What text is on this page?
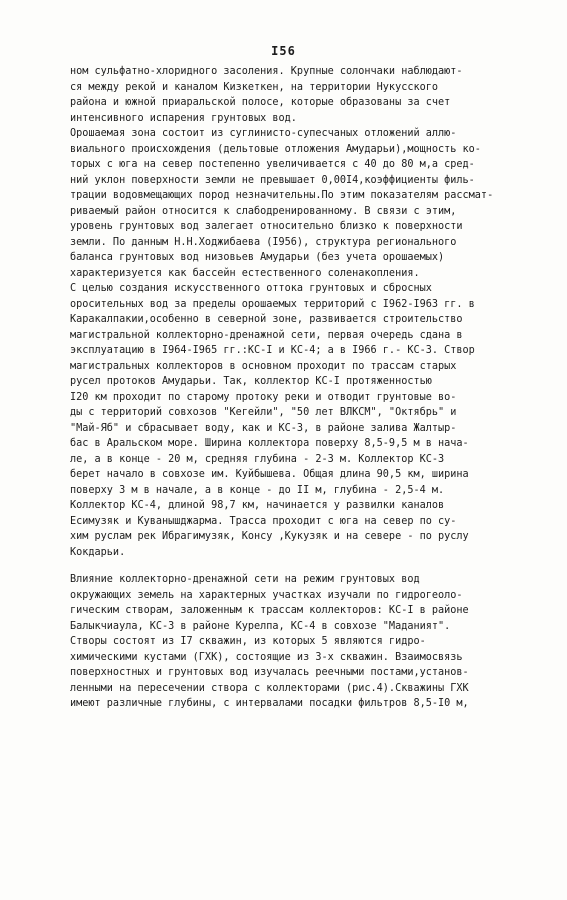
I56
ном сульфатно-хлоридного засоления. Крупные солончаки наблюдают-
ся между рекой и каналом Кизкеткен, на территории Нукусского
района и южной приаральской полосе, которые образованы за счет
интенсивного испарения грунтовых вод.
Орошаемая зона состоит из суглинисто-супесчаных отложений аллю-
виального происхождения (дельтовые отложения Амударьи),мощность ко-
торых с юга на север постепенно увеличивается с 40 до 80 м,а сред-
ний уклон поверхности земли не превышает 0,00I4,коэффициенты филь-
трации водовмещающих пород незначительны.По этим показателям рассмат-
риваемый район относится к слабодренированному. В связи с этим,
уровень грунтовых вод залегает относительно близко к поверхности
земли. По данным Н.Н.Ходжибаева (I956), структура регионального
баланса грунтовых вод низовьев Амударьи (без учета орошаемых)
характеризуется как бассейн естественного соленакопления.
С целью создания искусственного оттока грунтовых и сбросных
оросительных вод за пределы орошаемых территорий с I962-I963 гг. в
Каракалпакии,особенно в северной зоне, развивается строительство
магистральной коллекторно-дренажной сети, первая очередь сдана в
эксплуатацию в I964-I965 гг.:КС-I и КС-4; а в I966 г.- КС-3. Створ
магистральных коллекторов в основном проходит по трассам старых
русел протоков Амударьи. Так, коллектор КС-I протяженностью
I20 км проходит по старому протоку реки и отводит грунтовые во-
ды с территорий совхозов "Кегейли", "50 лет ВЛКСМ", "Октябрь" и
"Май-Яб" и сбрасывает воду, как и КС-3, в районе залива Жалтыр-
бас в Аральском море. Ширина коллектора поверху 8,5-9,5 м в нача-
ле, а в конце - 20 м, средняя глубина - 2-3 м. Коллектор КС-3
берет начало в совхозе им. Куйбышева. Общая длина 90,5 км, ширина
поверху 3 м в начале, а в конце - до II м, глубина - 2,5-4 м.
Коллектор КС-4, длиной 98,7 км, начинается у развилки каналов
Есимузяк и Куванышджарма. Трасса проходит с юга на север по су-
хим руслам рек Ибрагимузяк, Консу ,Кукузяк и на севере - по руслу
Кокдарьи.
Влияние коллекторно-дренажной сети на режим грунтовых вод
окружающих земель на характерных участках изучали по гидрогеоло-
гическим створам, заложенным к трассам коллекторов: КС-I в районе
Балыкчиаула, КС-3 в районе Курелпа, КС-4 в совхозе "Маданият".
Створы состоят из I7 скважин, из которых 5 являются гидро-
химическими кустами (ГХК), состоящие из 3-х скважин. Взаимосвязь
поверхностных и грунтовых вод изучалась реечными постами,установ-
ленными на пересечении створа с коллекторами (рис.4).Скважины ГХК
имеют различные глубины, с интервалами посадки фильтров 8,5-I0 м,
